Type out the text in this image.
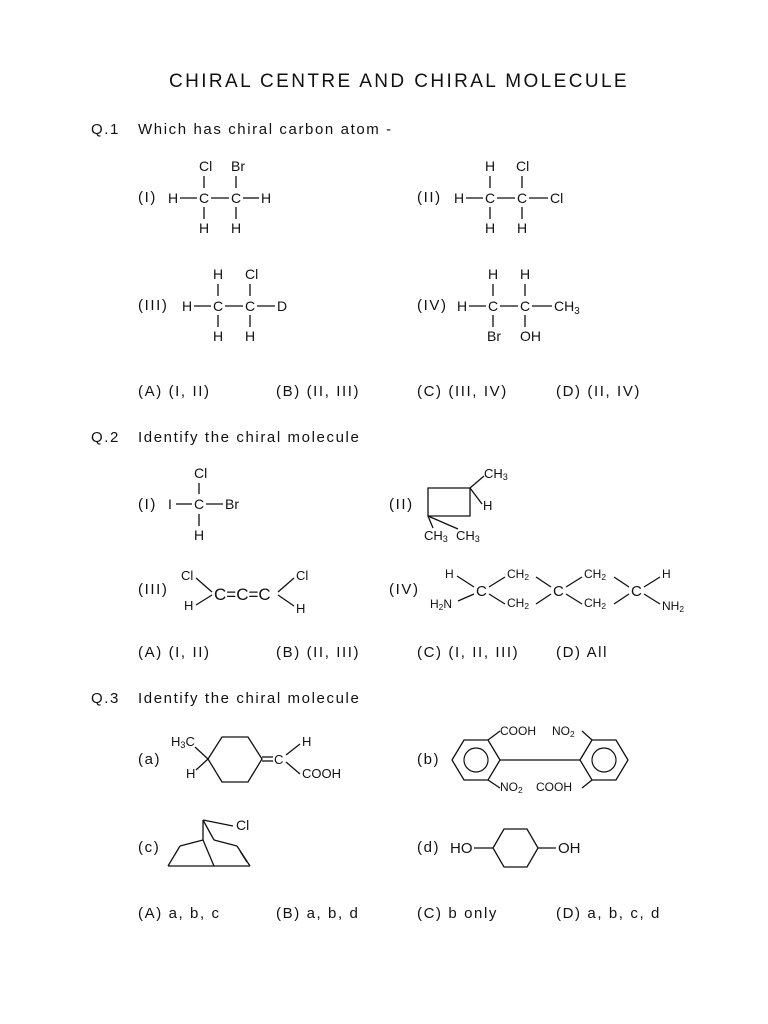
CHIRAL CENTRE AND CHIRAL MOLECULE
Q.1 Which has chiral carbon atom -
(I)	(II)
(III)	(IV)
(A) (I, II)	(B) (II, III)	(C) (III, IV)	(D) (II, IV)
Q.2 Identify the chiral molecule
(I)	(II)
(III)	(IV)
(A) (I, II)	(B) (II, III)	(C) (I, II, III) (D) All
Q.3 Identify the chiral molecule
(a)	(b)
(c)	(d)
(A) a, b, c	(B) a, b, d	(C) b only	(D) a, b, c, d
H C C H
Cl Br
H H
H C C Cl
H Cl
H H
H C C D
H Cl
H H
H C C CH3
H H
Br OH
I C Br
Cl
H
CH3
H
CH3 CH3
Cl
H
C=C=C
Cl
H
H
H2N
C
CH2
CH2
C
CH2
CH2
C
H
NH2
H3C
H
C
H
COOH
COOH NO2
NO2 COOH
Cl
HO	OH
